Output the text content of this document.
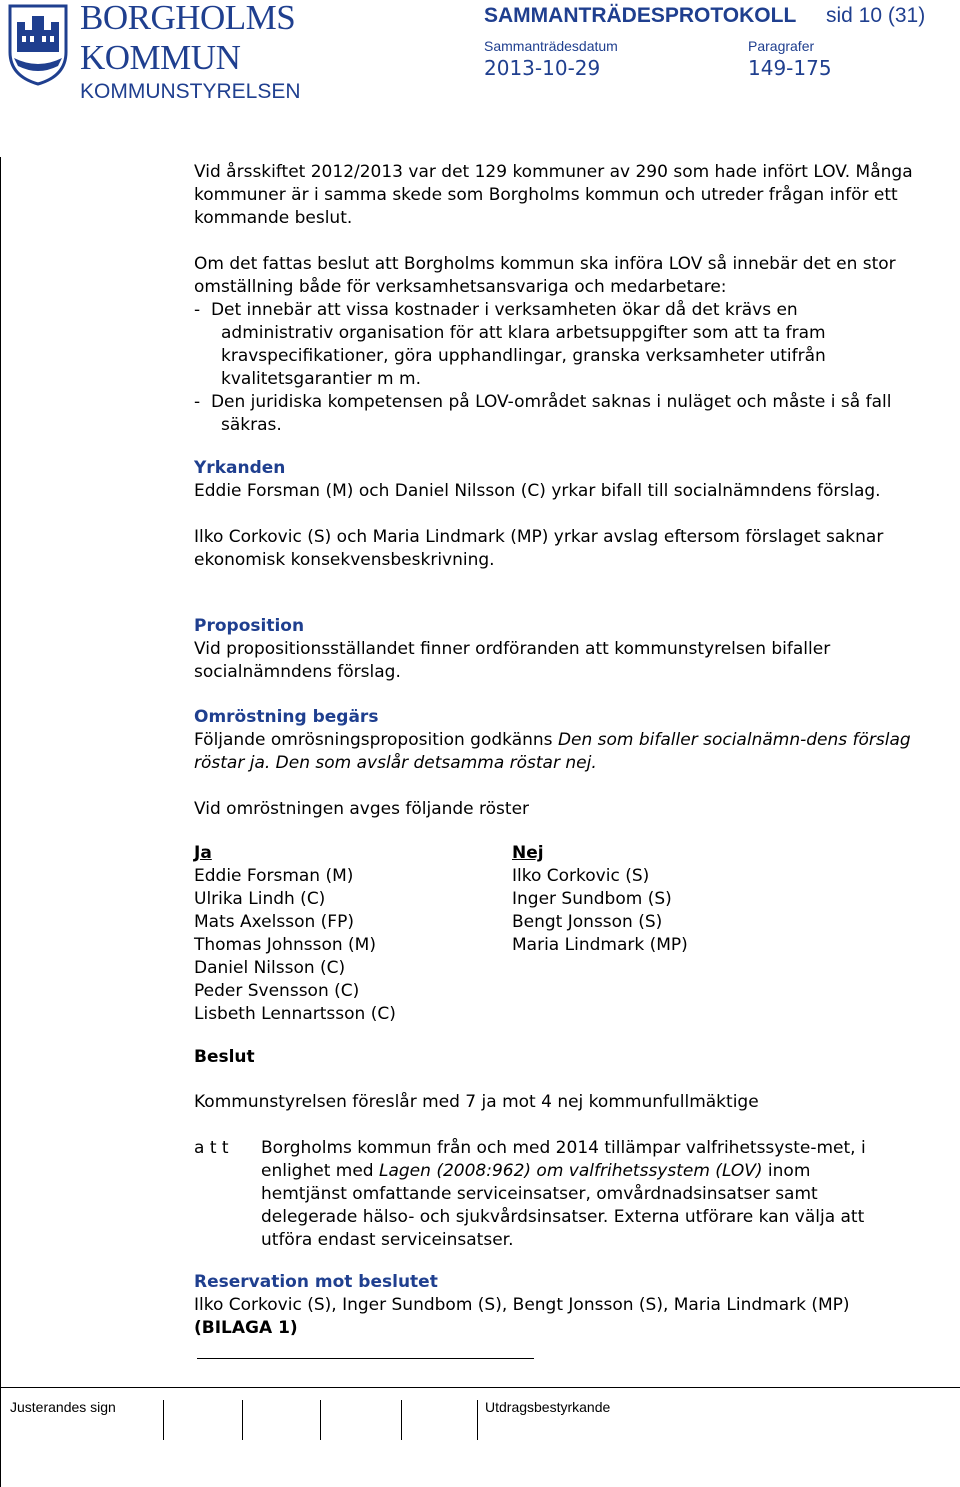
BORGHOLMS
KOMMUN
KOMMUNSTYRELSEN
SAMMANTRÄDESPROTOKOLL sid 10 (31)
Sammanträdesdatum
2013-10-29
Paragrafer
149-175

Vid årsskiftet 2012/2013 var det 129 kommuner av 290 som hade infört LOV. Många kommuner är i samma skede som Borgholms kommun och utreder frågan inför ett kommande beslut.

Om det fattas beslut att Borgholms kommun ska införa LOV så innebär det en stor omställning både för verksamhetsansvariga och medarbetare:

-  Det innebär att vissa kostnader i verksamheten ökar då det krävs en administrativ organisation för att klara arbetsuppgifter som att ta fram kravspecifikationer, göra upphandlingar, granska verksamheter utifrån kvalitetsgarantier m m.

-  Den juridiska kompetensen på LOV-området saknas i nuläget och måste i så fall säkras.

Yrkanden

Eddie Forsman (M) och Daniel Nilsson (C) yrkar bifall till socialnämndens förslag.

Ilko Corkovic (S) och Maria Lindmark (MP) yrkar avslag eftersom förslaget saknar ekonomisk konsekvensbeskrivning.

Proposition

Vid propositionsställandet finner ordföranden att kommunstyrelsen bifaller socialnämndens förslag.

Omröstning begärs

Följande omrösningsproposition godkänns Den som bifaller socialnämn-dens förslag röstar ja. Den som avslår detsamma röstar nej.

Vid omröstningen avges följande röster

Ja
Eddie Forsman (M)
Ulrika Lindh (C)
Mats Axelsson (FP)
Thomas Johnsson (M)
Daniel Nilsson (C)
Peder Svensson (C)
Lisbeth Lennartsson (C)
Nej
Ilko Corkovic (S)
Inger Sundbom (S)
Bengt Jonsson (S)
Maria Lindmark (MP)

Beslut

Kommunstyrelsen föreslår med 7 ja mot 4 nej kommunfullmäktige

a t t Borgholms kommun från och med 2014 tillämpar valfrihetssyste-met, i enlighet med Lagen (2008:962) om valfrihetssystem (LOV) inom hemtjänst omfattande serviceinsatser, omvårdnadsinsatser samt delegerade hälso- och sjukvårdsinsatser. Externa utförare kan välja att utföra endast serviceinsatser.

Reservation mot beslutet

Ilko Corkovic (S), Inger Sundbom (S), Bengt Jonsson (S), Maria Lindmark (MP) (BILAGA 1)

Justerandes sign	Utdragsbestyrkande
